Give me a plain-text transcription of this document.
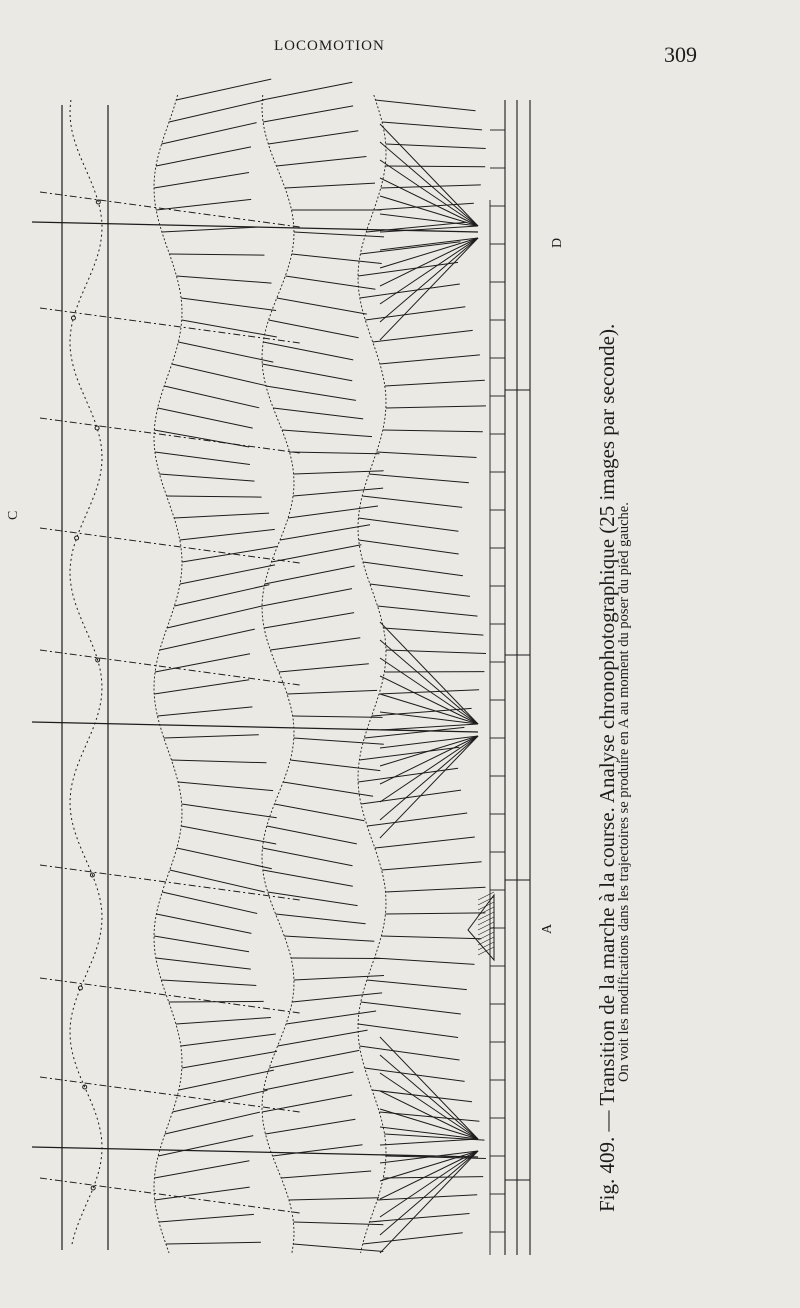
LOCOMOTION	309
C
D
A
Fig. 409. — Transition de la marche à la course. Analyse chronophotographique (25 images par seconde).
On voit les modifications dans les trajectoires se produire en A au moment du poser du pied gauche.
